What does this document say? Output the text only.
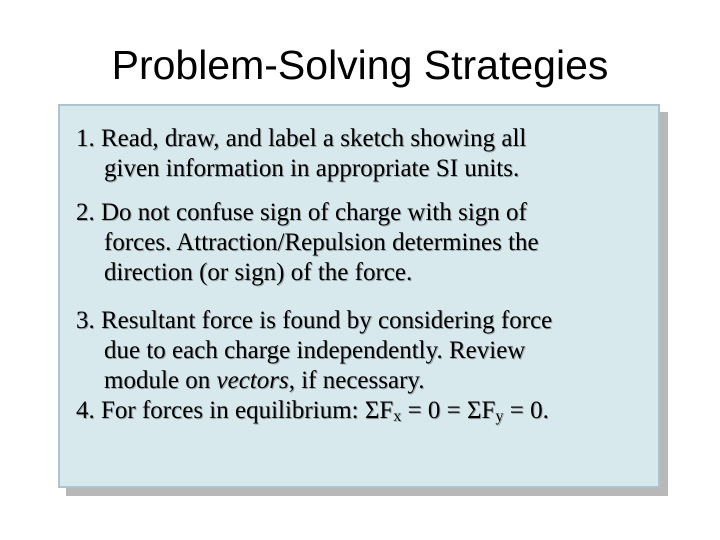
Problem-Solving Strategies
1. Read, draw, and label a sketch showing all
given information in appropriate SI units.
2. Do not confuse sign of charge with sign of
forces. Attraction/Repulsion determines the
direction (or sign) of the force.
3. Resultant force is found by considering force
due to each charge independently. Review
module on vectors, if necessary.
4. For forces in equilibrium: $\Sigma F_x = 0 = \Sigma F_y = 0$.
